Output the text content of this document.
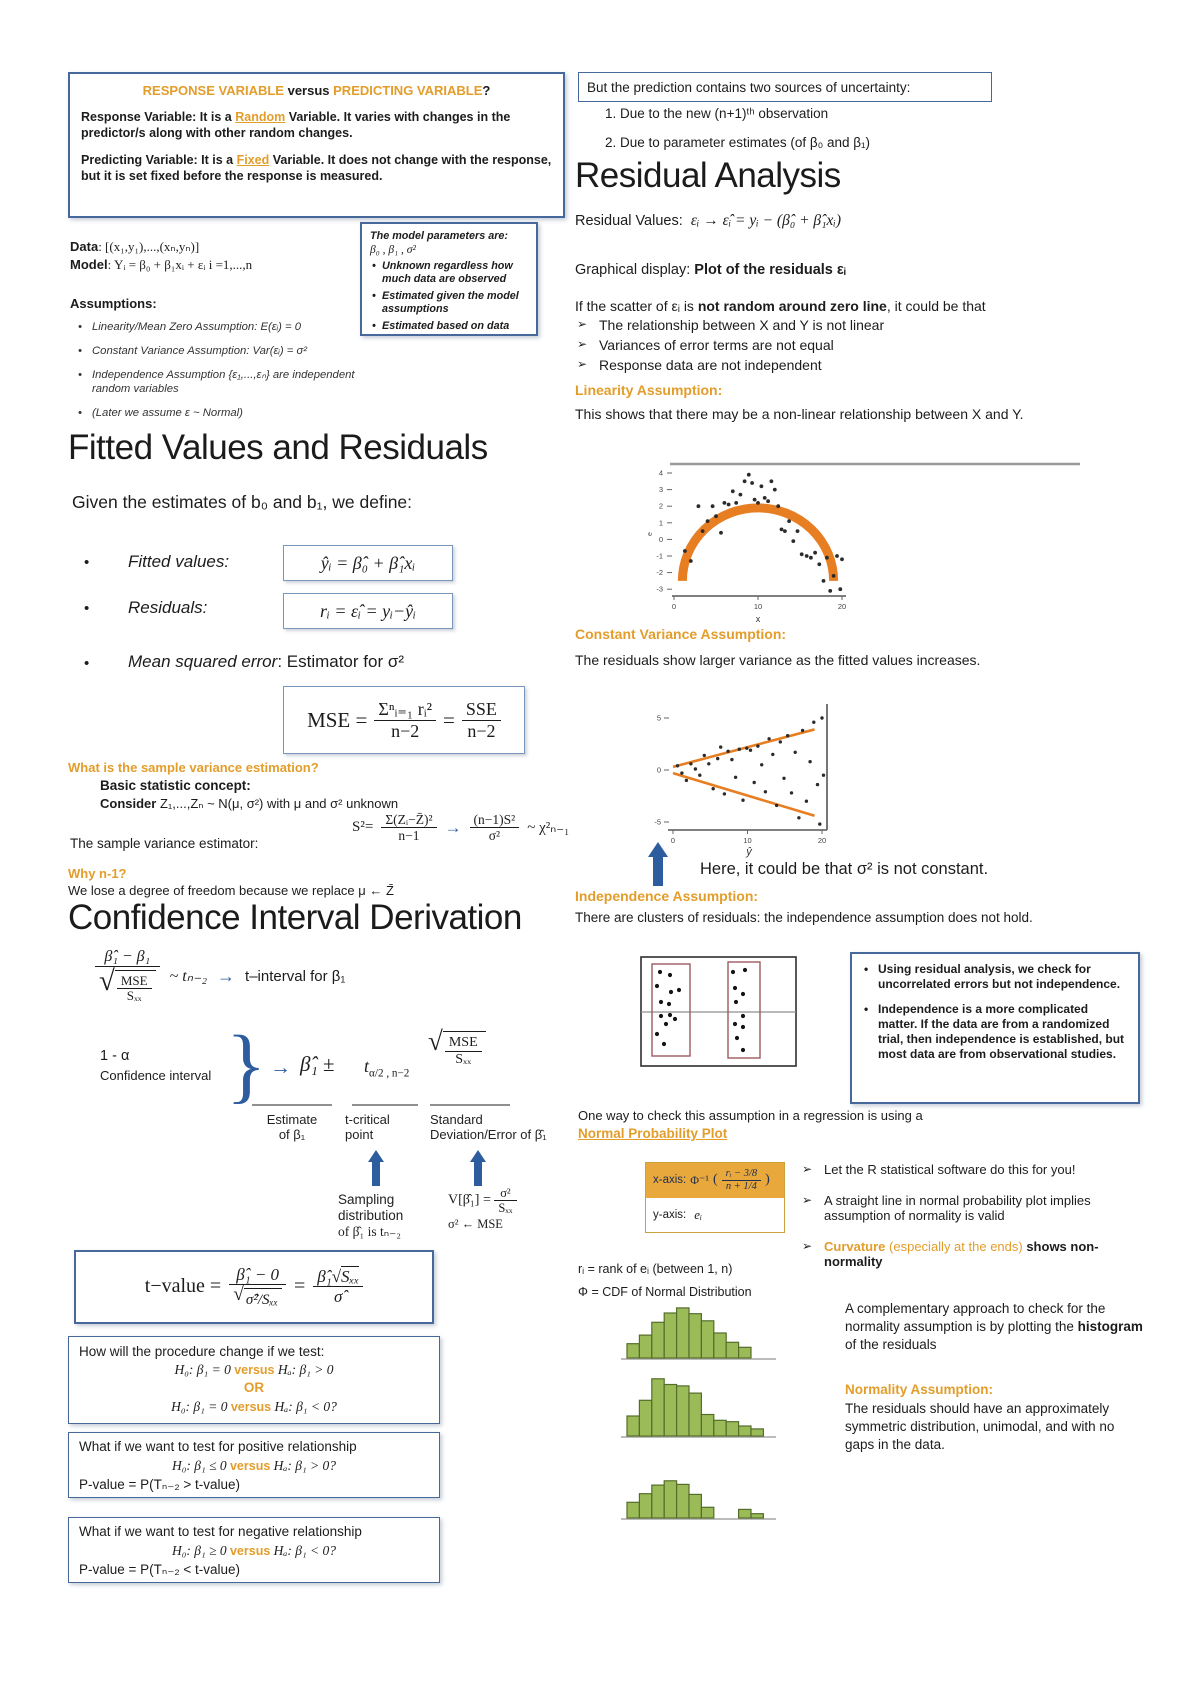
RESPONSE VARIABLE versus PREDICTING VARIABLE?
Response Variable: It is a Random Variable. It varies with changes in the predictor/s along with other random changes.
Predicting Variable: It is a Fixed Variable. It does not change with the response, but it is set fixed before the response is measured.
Data: [(x₁,y₁),...,(xₙ,yₙ)]
Model: Yᵢ = β₀ + β₁xᵢ + εᵢ i =1,...,n
The model parameters are:
β₀ , β₁ , σ²
• Unknown regardless how much data are observed
• Estimated given the model assumptions
• Estimated based on data
Assumptions:
• Linearity/Mean Zero Assumption: E(εᵢ) = 0
• Constant Variance Assumption: Var(εᵢ) = σ²
• Independence Assumption {ε₁,...,εₙ} are independent random variables
• (Later we assume ε ~ Normal)
Fitted Values and Residuals
Given the estimates of b₀ and b₁, we define:
• Fitted values:	ŷᵢ = β̂₀ + β̂₁xᵢ
• Residuals:	rᵢ = ε̂ᵢ = yᵢ−ŷᵢ
• Mean squared error: Estimator for σ²
MSE = $\frac{\text{Σⁿᵢ₌₁ rᵢ²}}{n-2} = \frac{\text{SSE}}{n-2}$
What is the sample variance estimation?
Basic statistic concept:
Consider Z₁,...,Zₙ ~ N(μ, σ²) with μ and σ² unknown
The sample variance estimator:
$S^2= \frac{\text{Σ(Zᵢ−Z̄)²}}{n-1} \to \frac{\text{(n−1)S²}}{\text{σ²}}$ ~ χ²ₙ₋₁
Why n-1?
We lose a degree of freedom because we replace μ ← Z̄
Confidence Interval Derivation
$\frac{\text{β̂₁ − β₁}}{√ \frac{\text{MSE}}{\text{Sₓₓ}}}$ ~ tₙ₋₂ → t–interval for β₁
1 - α
Confidence interval } → β̂₁ ± $t_{\alpha/2 , n-2}$
√ $\frac{\text{MSE}}{\text{Sₓₓ}}$
Estimate
of β₁
t-critical
point
Standard
Deviation/Error of β̂₁
Sampling
distribution
of β̂₁ is tₙ₋₂
V[β̂₁] = $\frac{\text{σ²}}{\text{Sₓₓ}}$
σ² ← MSE
t−value = $\frac{\text{β̂₁ − 0}}{\text{√ σ̂²/Sₓₓ}} = \frac{\text{β̂₁√Sₓₓ}}{\sigmâ}$
How will the procedure change if we test:
H₀: β₁ = 0 versus Hₐ: β₁ > 0
OR
H₀: β₁ = 0 versus Hₐ: β₁ < 0?
What if we want to test for positive relationship
H₀: β₁ ≤ 0 versus Hₐ: β₁ > 0?
P-value = P(Tₙ₋₂ > t-value)
What if we want to test for negative relationship
H₀: β₁ ≥ 0 versus Hₐ: β₁ < 0?
P-value = P(Tₙ₋₂ < t-value)
But the prediction contains two sources of uncertainty:
1. Due to the new (n+1)ᵗʰ observation
2. Due to parameter estimates (of β₀ and β₁)
Residual Analysis
Residual Values: εᵢ → ε̂ᵢ = yᵢ − (β̂₀ + β̂₁xᵢ)
Graphical display: Plot of the residuals εᵢ
If the scatter of εᵢ is not random around zero line, it could be that
➢ The relationship between X and Y is not linear
➢ Variances of error terms are not equal
➢ Response data are not independent
Linearity Assumption:
This shows that there may be a non-linear relationship between X and Y.
4
3
2
1
0
-1
-2
-3
0	10	20
x
e
Constant Variance Assumption:
The residuals show larger variance as the fitted values increases.
5
0
-5
0	10	20
ŷ
Here, it could be that σ² is not constant.
Independence Assumption:
There are clusters of residuals: the independence assumption does not hold.
• Using residual analysis, we check for uncorrelated errors but not independence.
• Independence is a more complicated matter. If the data are from a randomized trial, then independence is established, but most data are from observational studies.
One way to check this assumption in a regression is using a
Normal Probability Plot
x-axis: Φ⁻¹ ( $\frac{\text{rᵢ − 3/8}}{n + 1/4}$ )
y-axis: eᵢ
rᵢ = rank of eᵢ (between 1, n)
Φ = CDF of Normal Distribution
➢ Let the R statistical software do this for you!
➢ A straight line in normal probability plot implies assumption of normality is valid
➢ Curvature (especially at the ends) shows non-normality
A complementary approach to check for the normality assumption is by plotting the histogram of the residuals
Normality Assumption:
The residuals should have an approximately symmetric distribution, unimodal, and with no gaps in the data.
